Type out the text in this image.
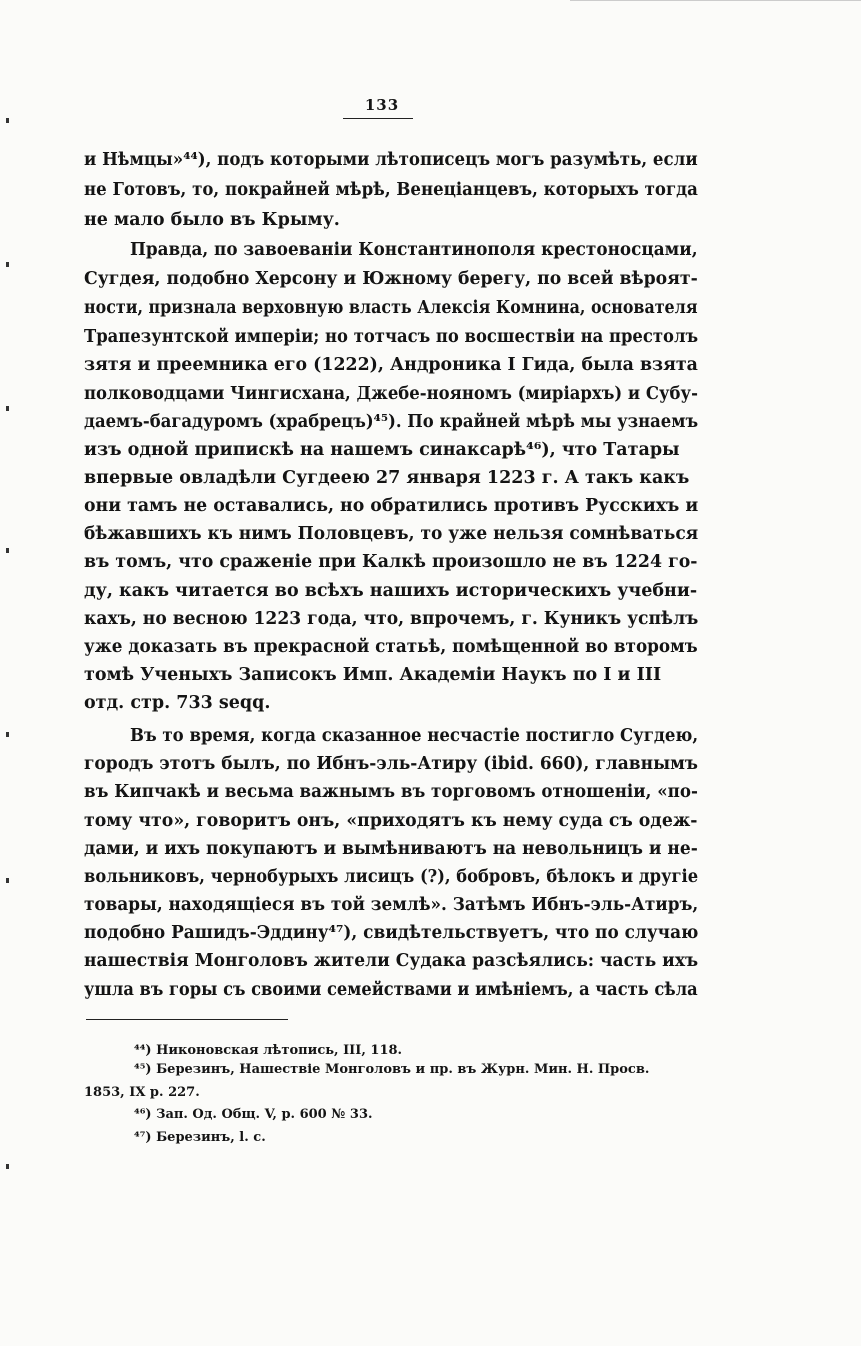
133
и Нѣмцы»⁴⁴), подъ которыми лѣтописецъ могъ разумѣть, если
не Готовъ, то, покрайней мѣрѣ, Венеціанцевъ, которыхъ тогда
не мало было въ Крыму.
Правда, по завоеваніи Константинополя крестоносцами,
Сугдея, подобно Херсону и Южному берегу, по всей вѣроят-
ности, признала верховную власть Алексія Комнина, основателя
Трапезунтской имперіи; но тотчасъ по восшествіи на престолъ
зятя и преемника его (1222), Андроника I Гида, была взята
полководцами Чингисхана, Джебе-нояномъ (миріархъ) и Субу-
даемъ-багадуромъ (храбрецъ)⁴⁵). По крайней мѣрѣ мы узнаемъ
изъ одной припискѣ на нашемъ синаксарѣ⁴⁶), что Татары
впервые овладѣли Сугдеею 27 января 1223 г. А такъ какъ
они тамъ не оставались, но обратились противъ Русскихъ и
бѣжавшихъ къ нимъ Половцевъ, то уже нельзя сомнѣваться
въ томъ, что сраженіе при Калкѣ произошло не въ 1224 го-
ду, какъ читается во всѣхъ нашихъ историческихъ учебни-
кахъ, но весною 1223 года, что, впрочемъ, г. Куникъ успѣлъ
уже доказать въ прекрасной статьѣ, помѣщенной во второмъ
томѣ Ученыхъ Записокъ Имп. Академіи Наукъ по I и III
отд. стр. 733 seqq.
Въ то время, когда сказанное несчастіе постигло Сугдею,
городъ этотъ былъ, по Ибнъ-эль-Атиру (ibid. 660), главнымъ
въ Кипчакѣ и весьма важнымъ въ торговомъ отношеніи, «по-
тому что», говоритъ онъ, «приходятъ къ нему суда съ одеж-
дами, и ихъ покупаютъ и вымѣниваютъ на невольницъ и не-
вольниковъ, чернобурыхъ лисицъ (?), бобровъ, бѣлокъ и другіе
товары, находящіеся въ той землѣ». Затѣмъ Ибнъ-эль-Атиръ,
подобно Рашидъ-Эддину⁴⁷), свидѣтельствуетъ, что по случаю
нашествія Монголовъ жители Судака разсѣялись: часть ихъ
ушла въ горы съ своими семействами и имѣніемъ, а часть сѣла
⁴⁴) Никоновская лѣтопись, III, 118.
⁴⁵) Березинъ, Нашествіе Монголовъ и пр. въ Журн. Мин. Н. Просв.
1853, IX р. 227.
⁴⁶) Зап. Од. Общ. V, р. 600 № 33.
⁴⁷) Березинъ, l. c.
